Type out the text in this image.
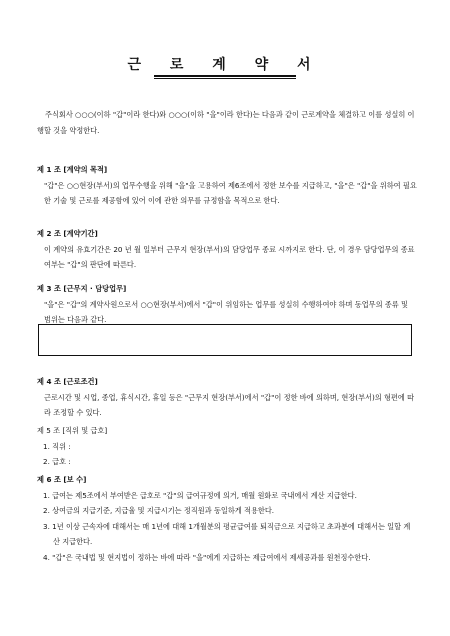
근 로 계 약 서
주식회사 ○○○(이하 "갑"이라 한다)와 ○○○(이하 "을"이라 한다)는 다음과 같이 근로계약을 체결하고 이를 성실히 이행할 것을 약정한다.
제 1 조 [계약의 목적]
"갑"은 ○○현장(부서)의 업무수행을 위해 "을"을 고용하여 제6조에서 정한 보수를 지급하고, "을"은 "갑"을 위하여 필요한 기술 및 근로를 제공함에 있어 이에 관한 의무를 규정함을 목적으로 한다.
제 2 조 [계약기간]
이 계약의 유효기간은 20 년 월 일부터 근무지 현장(부서)의 담당업무 종료 시까지로 한다. 단, 이 경우 담당업무의 종료여부는 "갑"의 판단에 따른다.
제 3 조 [근무지 · 담당업무]
"을"은 "갑"의 계약사원으로서 ○○현장(부서)에서 "갑"이 위임하는 업무를 성실히 수행하여야 하며 동업무의 종류 및 범위는 다음과 같다.
제 4 조 [근로조건]
근로시간 및 시업, 종업, 휴식시간, 휴일 등은 "근무지 현장(부서)에서 "갑"이 정한 바에 의하며, 현장(부서)의 형편에 따라 조정할 수 있다.
제 5 조 [직위 및 급호]
1. 직위 :
2. 급호 :
제 6 조 [보 수]
1. 급여는 제5조에서 부여받은 급호로 "갑"의 급여규정에 의거, 매월 원화로 국내에서 계산 지급한다.
2. 상여금의 지급기준, 지급율 및 지급시기는 정직원과 동일하게 적용한다.
3. 1년 이상 근속자에 대해서는 매 1년에 대해 1개월분의 평균급여를 퇴직금으로 지급하고 초과분에 대해서는 일할 계산 지급한다.
4. "갑"은 국내법 및 현지법이 정하는 바에 따라 "을"에게 지급하는 제급여에서 제세공과를 원천징수한다.
